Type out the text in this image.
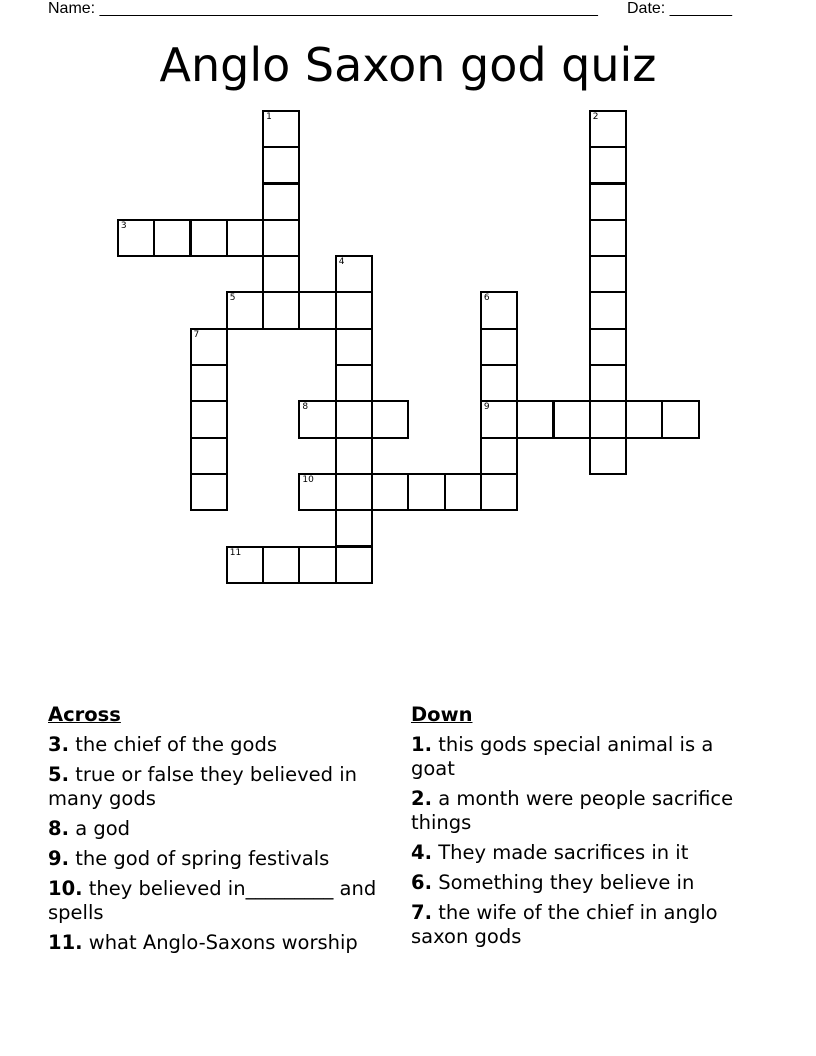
Name: ________________________________________________________ Date: _______
Anglo Saxon god quiz
1
3
4
5
7
2
6
9
8
10
11
Across
3. the chief of the gods
5. true or false they believed in many gods
8. a god
9. the god of spring festivals
10. they believed in_________ and spells
11. what Anglo-Saxons worship
Down
1. this gods special animal is a goat
2. a month were people sacrifice things
4. They made sacrifices in it
6. Something they believe in
7. the wife of the chief in anglo saxon gods
